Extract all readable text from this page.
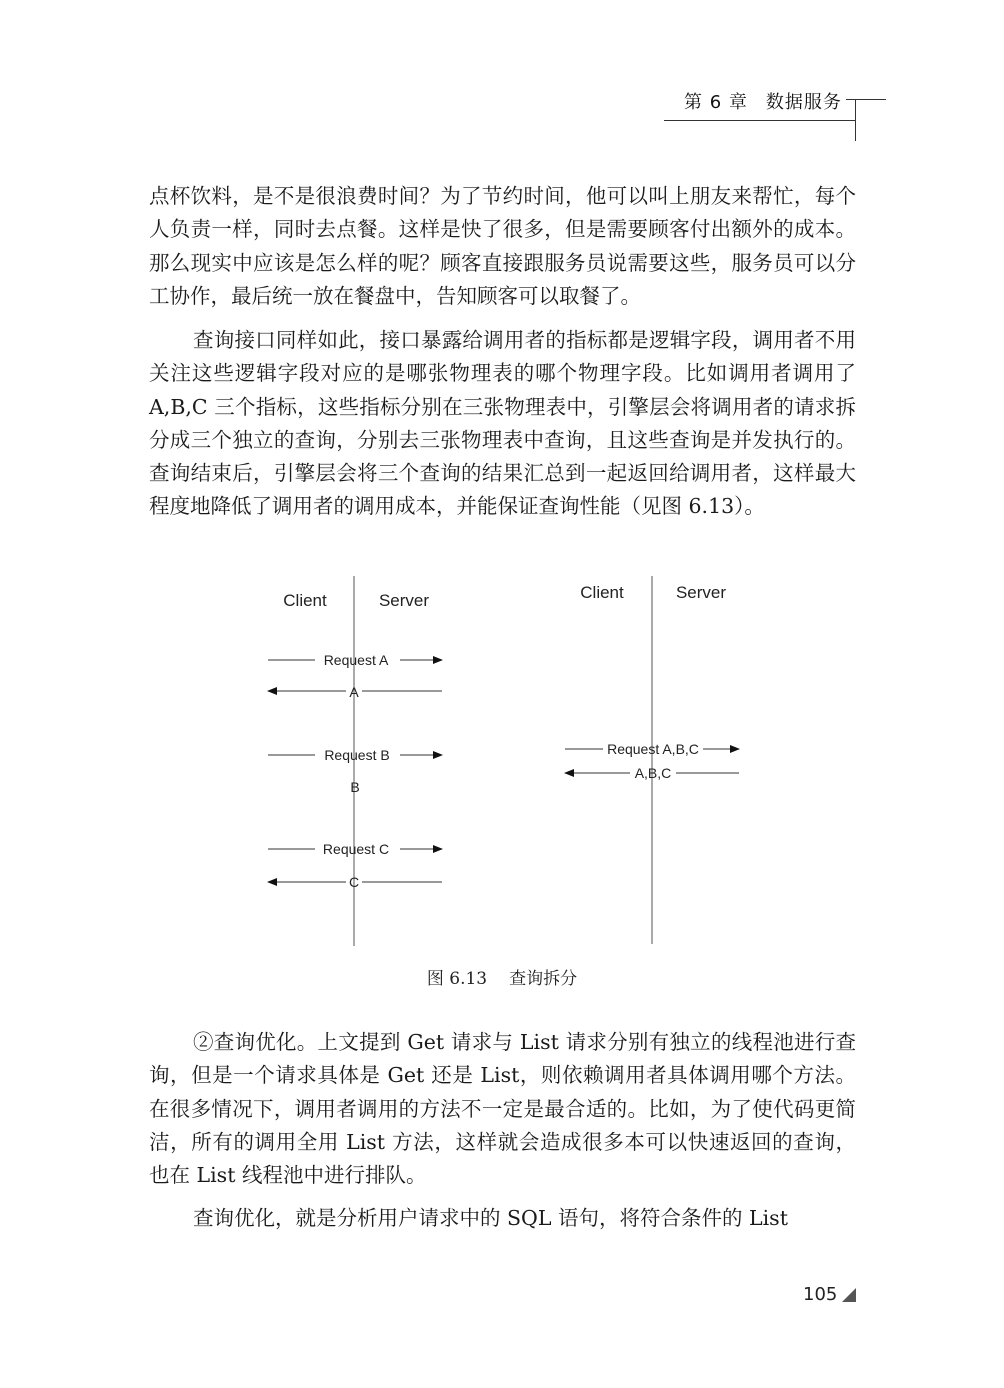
第 6 章 数据服务

点杯饮料，是不是很浪费时间？为了节约时间，他可以叫上朋友来帮忙，每个人负责一样，同时去点餐。这样是快了很多，但是需要顾客付出额外的成本。那么现实中应该是怎么样的呢？顾客直接跟服务员说需要这些，服务员可以分工协作，最后统一放在餐盘中，告知顾客可以取餐了。

查询接口同样如此，接口暴露给调用者的指标都是逻辑字段，调用者不用关注这些逻辑字段对应的是哪张物理表的哪个物理字段。比如调用者调用了 A,B,C 三个指标，这些指标分别在三张物理表中，引擎层会将调用者的请求拆分成三个独立的查询，分别去三张物理表中查询，且这些查询是并发执行的。查询结束后，引擎层会将三个查询的结果汇总到一起返回给调用者，这样最大程度地降低了调用者的调用成本，并能保证查询性能（见图 6.13）。

Client	Server
Request A
A
Request B
B
Request C
C
Client	Server
Request A,B,C
A,B,C
图 6.13 查询拆分

②查询优化。上文提到 Get 请求与 List 请求分别有独立的线程池进行查询，但是一个请求具体是 Get 还是 List，则依赖调用者具体调用哪个方法。在很多情况下，调用者调用的方法不一定是最合适的。比如，为了使代码更简洁，所有的调用全用 List 方法，这样就会造成很多本可以快速返回的查询，也在 List 线程池中进行排队。

查询优化，就是分析用户请求中的 SQL 语句，将符合条件的 List

105
